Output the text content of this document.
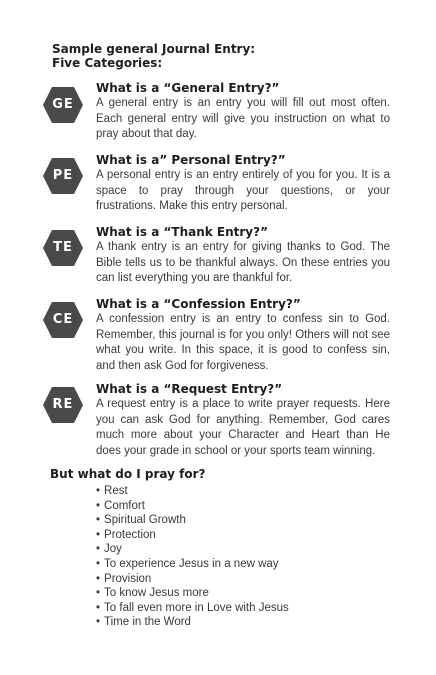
Sample general Journal Entry:
Five Categories:
GE
What is a “General Entry?”
A general entry is an entry you will fill out most often. Each general entry will give you instruction on what to pray about that day.
PE
What is a” Personal Entry?”
A personal entry is an entry entirely of you for you. It is a space to pray through your questions, or your frustrations. Make this entry personal.
TE
What is a “Thank Entry?”
A thank entry is an entry for giving thanks to God. The Bible tells us to be thankful always. On these entries you can list everything you are thankful for.
CE
What is a “Confession Entry?”
A confession entry is an entry to confess sin to God. Remember, this journal is for you only! Others will not see what you write. In this space, it is good to confess sin, and then ask God for forgiveness.
RE
What is a “Request Entry?”
A request entry is a place to write prayer requests. Here you can ask God for anything. Remember, God cares much more about your Character and Heart than He does your grade in school or your sports team winning.
But what do I pray for?
• Rest
• Comfort
• Spiritual Growth
• Protection
• Joy
• To experience Jesus in a new way
• Provision
• To know Jesus more
• To fall even more in Love with Jesus
• Time in the Word
